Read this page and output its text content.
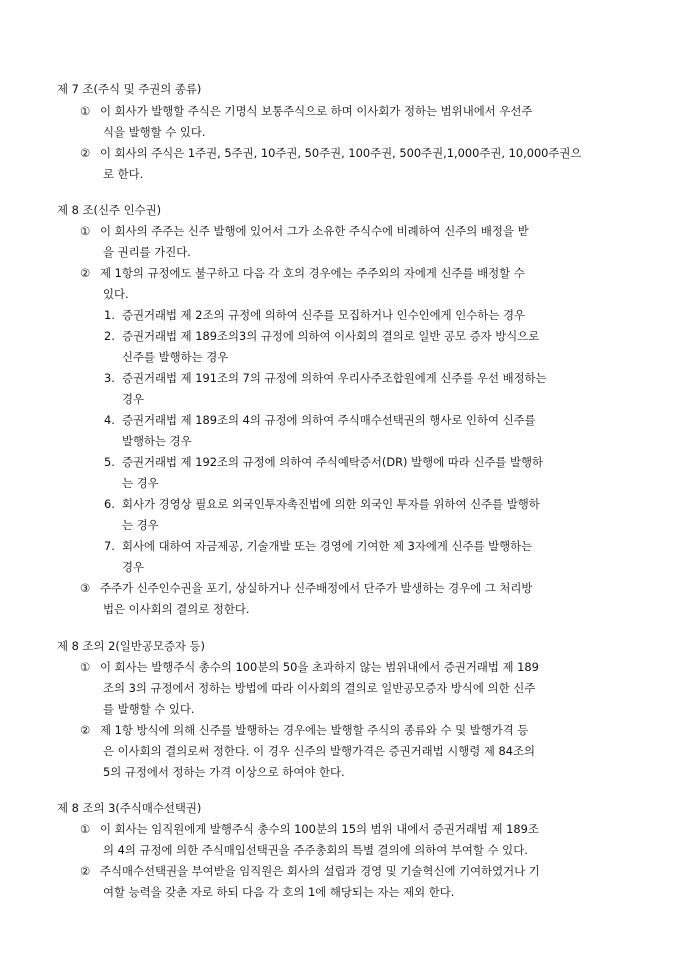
제 7 조(주식 및 주권의 종류)
① 이 회사가 발행할 주식은 기명식 보통주식으로 하며 이사회가 정하는 범위내에서 우선주
식을 발행할 수 있다.
② 이 회사의 주식은 1주권, 5주권, 10주권, 50주권, 100주권, 500주권,1,000주권, 10,000주권으
로 한다.
제 8 조(신주 인수권)
① 이 회사의 주주는 신주 발행에 있어서 그가 소유한 주식수에 비례하여 신주의 배정을 받
을 권리를 가진다.
② 제 1항의 규정에도 불구하고 다음 각 호의 경우에는 주주외의 자에게 신주를 배정할 수
있다.
1. 증권거래법 제 2조의 규정에 의하여 신주를 모집하거나 인수인에게 인수하는 경우
2. 증권거래법 제 189조의3의 규정에 의하여 이사회의 결의로 일반 공모 증자 방식으로
신주를 발행하는 경우
3. 증권거래법 제 191조의 7의 규정에 의하여 우리사주조합원에게 신주를 우선 배정하는
경우
4. 증권거래법 제 189조의 4의 규정에 의하여 주식매수선택권의 행사로 인하여 신주를
발행하는 경우
5. 증권거래법 제 192조의 규정에 의하여 주식예탁증서(DR) 발행에 따라 신주를 발행하
는 경우
6. 회사가 경영상 필요로 외국인투자촉진법에 의한 외국인 투자를 위하여 신주를 발행하
는 경우
7. 회사에 대하여 자금제공, 기술개발 또는 경영에 기여한 제 3자에게 신주를 발행하는
경우
③ 주주가 신주인수권을 포기, 상실하거나 신주배정에서 단주가 발생하는 경우에 그 처리방
법은 이사회의 결의로 정한다.
제 8 조의 2(일반공모증자 등)
① 이 회사는 발행주식 총수의 100분의 50을 초과하지 않는 범위내에서 증권거래법 제 189
조의 3의 규정에서 정하는 방법에 따라 이사회의 결의로 일반공모증자 방식에 의한 신주
를 발행할 수 있다.
② 제 1항 방식에 의해 신주를 발행하는 경우에는 발행할 주식의 종류와 수 및 발행가격 등
은 이사회의 결의로써 정한다. 이 경우 신주의 발행가격은 증권거래법 시행령 제 84조의
5의 규정에서 정하는 가격 이상으로 하여야 한다.
제 8 조의 3(주식매수선택권)
① 이 회사는 임직원에게 발행주식 총수의 100분의 15의 범위 내에서 증권거래법 제 189조
의 4의 규정에 의한 주식매입선택권을 주주총회의 특별 결의에 의하여 부여할 수 있다.
② 주식매수선택권을 부여받을 임직원은 회사의 설립과 경영 및 기술혁신에 기여하였거나 기
여할 능력을 갖춘 자로 하되 다음 각 호의 1에 해당되는 자는 제외 한다.
